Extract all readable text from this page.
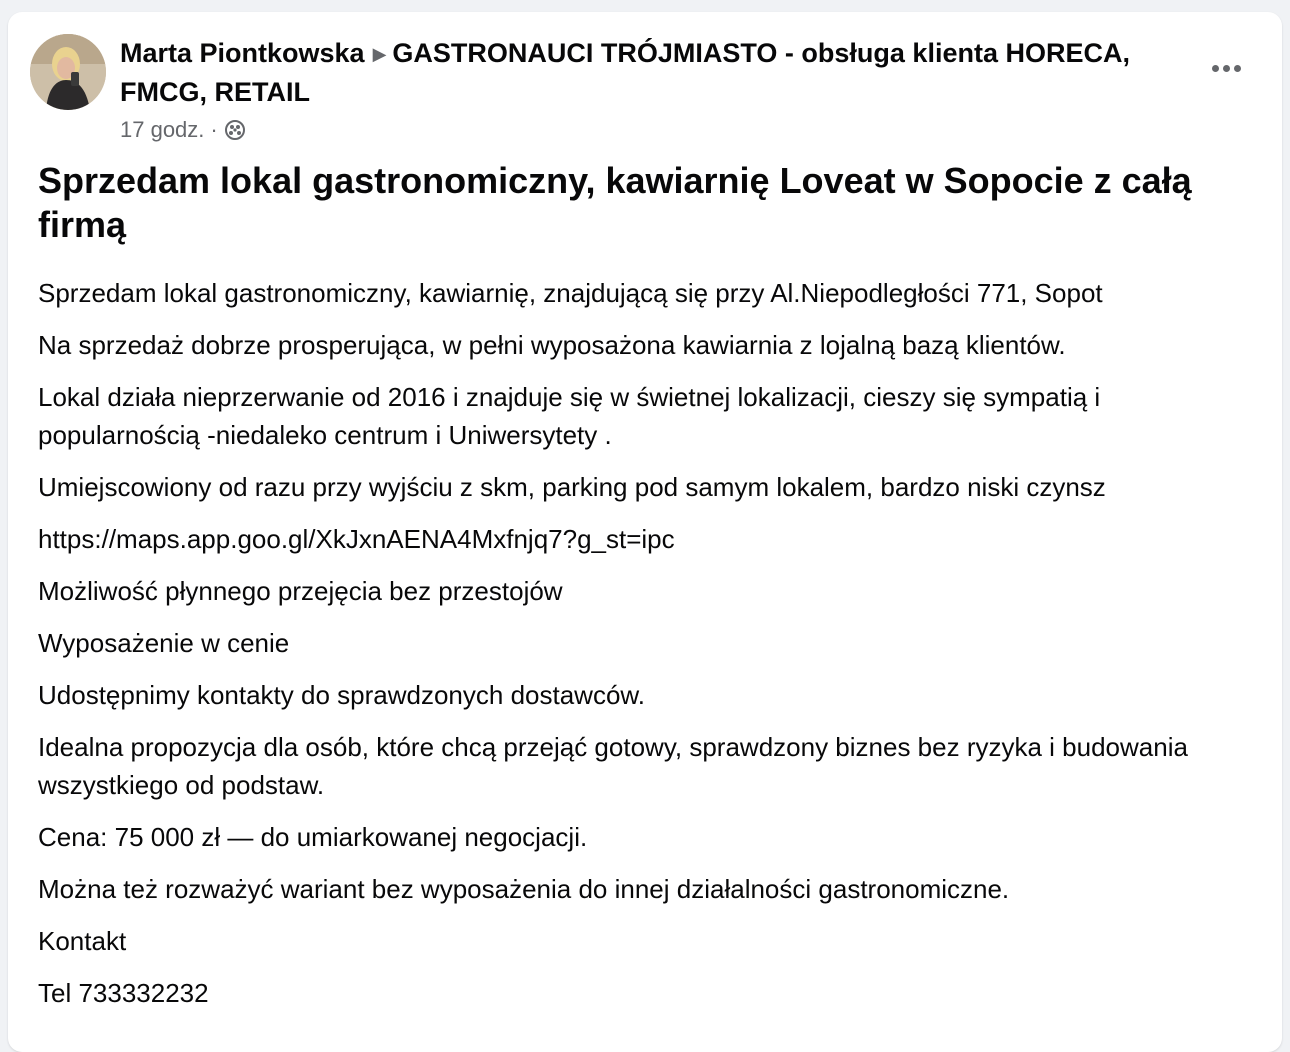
Marta Piontkowska ▶ GASTRONAUCI TRÓJMIASTO - obsługa klienta HORECA, FMCG, RETAIL
17 godz. ·
Sprzedam lokal gastronomiczny, kawiarnię Loveat w Sopocie z całą firmą

Sprzedam lokal gastronomiczny, kawiarnię, znajdującą się przy Al.Niepodległości 771, Sopot

Na sprzedaż dobrze prosperująca, w pełni wyposażona kawiarnia z lojalną bazą klientów.

Lokal działa nieprzerwanie od 2016 i znajduje się w świetnej lokalizacji, cieszy się sympatią i popularnością -niedaleko centrum i Uniwersytety .

Umiejscowiony od razu przy wyjściu z skm, parking pod samym lokalem, bardzo niski czynsz

https://maps.app.goo.gl/XkJxnAENA4Mxfnjq7?g_st=ipc

Możliwość płynnego przejęcia bez przestojów

Wyposażenie w cenie

Udostępnimy kontakty do sprawdzonych dostawców.

Idealna propozycja dla osób, które chcą przejąć gotowy, sprawdzony biznes bez ryzyka i budowania wszystkiego od podstaw.

Cena: 75 000 zł — do umiarkowanej negocjacji.

Można też rozważyć wariant bez wyposażenia do innej działalności gastronomiczne.

Kontakt

Tel 733332232
